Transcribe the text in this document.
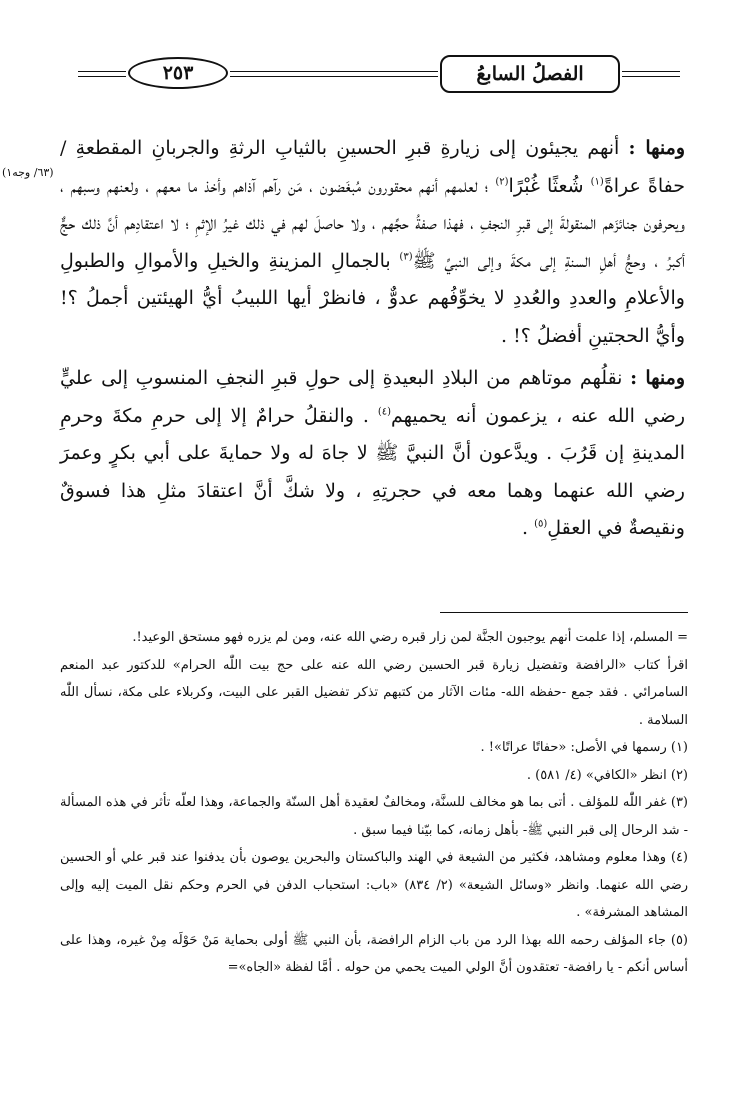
الفصلُ السابعُ
٢٥٣
(٦٣/ وجه١)

ومنها : أنهم يجيئون إلى زيارةِ قبرِ الحسينِ بالثيابِ الرثةِ والجربانِ المقطعةِ / حفاةً عراةً$^{(١)}$ شُعثًا غُبْرًا$^{(٢)}$ ؛ لعلمهم أنهم محقورون مُبغَضون ، مَن رآهم آذاهم وأخذ ما معهم ، ولعنهم وسبهم ، ويحرفون جنائزَهم المنقولةَ إلى قبرِ النجفِ ، فهذا صفةُ حجِّهم ، ولا حاصلَ لهم في ذلك غيرُ الإثمِ ؛ لا اعتقادِهم أنَّ ذلك حجٌّ أكبرُ ، وحجُّ أهلِ السنةِ إلى مكةَ وإلى النبيِّ ﷺ$^{(٣)}$ بالجمالِ المزينةِ والخيلِ والأموالِ والطبولِ والأعلامِ والعددِ والعُددِ لا يخوِّفُهم عدوٌّ ، فانظرْ أيها اللبيبُ أيُّ الهيئتين أجملُ ؟! وأيُّ الحجتينِ أفضلُ ؟! .

ومنها : نقلُهم موتاهم من البلادِ البعيدةِ إلى حولِ قبرِ النجفِ المنسوبِ إلى عليٍّ رضي الله عنه ، يزعمون أنه يحميهم$^{(٤)}$ . والنقلُ حرامٌ إلا إلى حرمِ مكةَ وحرمِ المدينةِ إن قَرُبَ . ويدَّعون أنَّ النبيَّ ﷺ لا جاهَ له ولا حمايةَ على أبي بكرٍ وعمرَ رضي الله عنهما وهما معه في حجرتِهِ ، ولا شكَّ أنَّ اعتقادَ مثلِ هذا فسوقٌ ونقيصةٌ في العقلِ$^{(٥)}$ .

= المسلم، إذا علمت أنهم يوجبون الجنَّة لمن زار قبره رضي الله عنه، ومن لم يزره فهو مستحق الوعيد!.

اقرأ كتاب «الرافضة وتفضيل زيارة قبر الحسين رضي الله عنه على حج بيت اللّٰه الحرام» للدكتور عبد المنعم السامرائي . فقد جمع -حفظه الله- مئات الآثار من كتبهم تذكر تفضيل القبر على البيت، وكربلاء على مكة، نسأل اللّٰه السلامة .

(١) رسمها في الأصل: «حفاتًا عراتًا»! .

(٢) انظر «الكافي» (٤/ ٥٨١) .

(٣) غفر اللّٰه للمؤلف . أتى بما هو مخالف للسنَّة، ومخالفٌ لعقيدة أهل السنّة والجماعة، وهذا لعلّه تأثر في هذه المسألة - شد الرحال إلى قبر النبي ﷺ- بأهل زمانه، كما بيّنا فيما سبق .

(٤) وهذا معلوم ومشاهد، فكثير من الشيعة في الهند والباكستان والبحرين يوصون بأن يدفنوا عند قبر علي أو الحسين رضي الله عنهما. وانظر «وسائل الشيعة» (٢/ ٨٣٤) «باب: استحباب الدفن في الحرم وحكم نقل الميت إليه وإلى المشاهد المشرفة» .

(٥) جاء المؤلف رحمه الله بهذا الرد من باب الزام الرافضة، بأن النبي ﷺ أولى بحماية مَنْ حَوْلَه مِنْ غيره، وهذا على أساس أنكم - يا رافضة- تعتقدون أنَّ الولي الميت يحمي من حوله . أمَّا لفظة «الجاه»=
